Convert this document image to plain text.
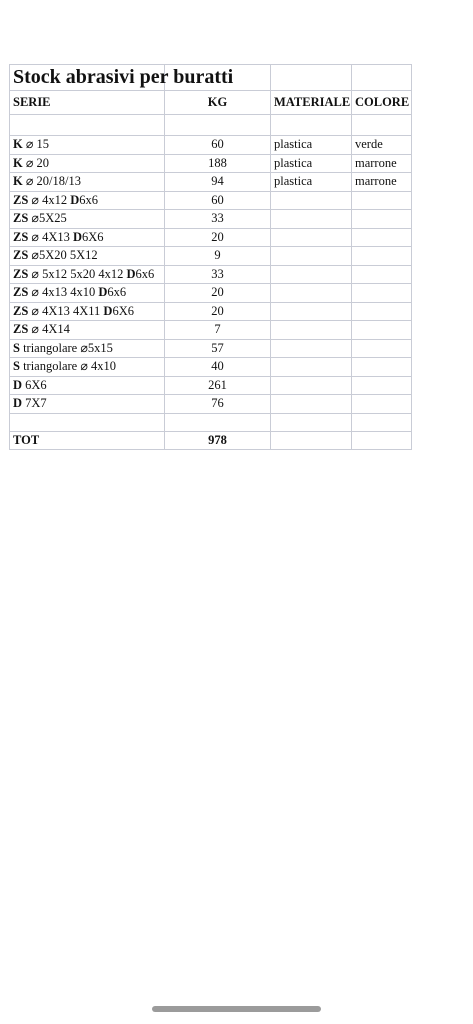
Stock abrasivi per buratti			

SERIE	KG	MATERIALE	COLORE

K ⌀ 15	60	plastica	verde
K ⌀ 20	188	plastica	marrone
K ⌀ 20/18/13	94	plastica	marrone
ZS ⌀ 4x12 D6x6	60		
ZS ⌀5X25	33		
ZS ⌀ 4X13 D6X6	20		
ZS ⌀5X20 5X12	9		
ZS ⌀ 5x12 5x20 4x12 D6x6	33		
ZS ⌀ 4x13 4x10 D6x6	20		
ZS ⌀ 4X13 4X11 D6X6	20		
ZS ⌀ 4X14	7		
S triangolare ⌀5x15	57		
S triangolare ⌀ 4x10	40		
D 6X6	261		
D 7X7	76		

TOT	978		
